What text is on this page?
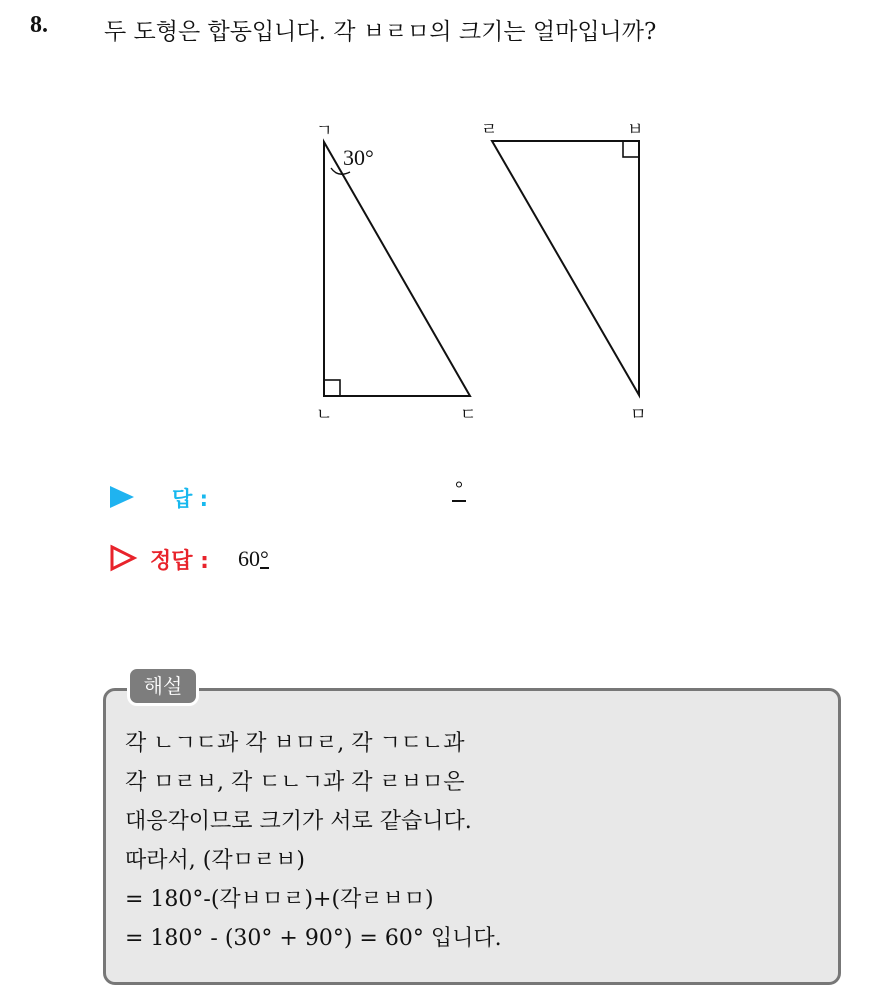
8. 두 도형은 합동입니다. 각 ㅂㄹㅁ의 크기는 얼마입니까?
ㄱ
ㄴ	ㄷ
30°
ㄹ	ㅂ
ㅁ
답 :	°
정답 : 60°
해설
각 ㄴㄱㄷ과 각 ㅂㅁㄹ, 각 ㄱㄷㄴ과
각 ㅁㄹㅂ, 각 ㄷㄴㄱ과 각 ㄹㅂㅁ은
대응각이므로 크기가 서로 같습니다.
따라서, (각ㅁㄹㅂ)
= 180°-(각ㅂㅁㄹ)+(각ㄹㅂㅁ)
= 180° - (30° + 90°) = 60° 입니다.
